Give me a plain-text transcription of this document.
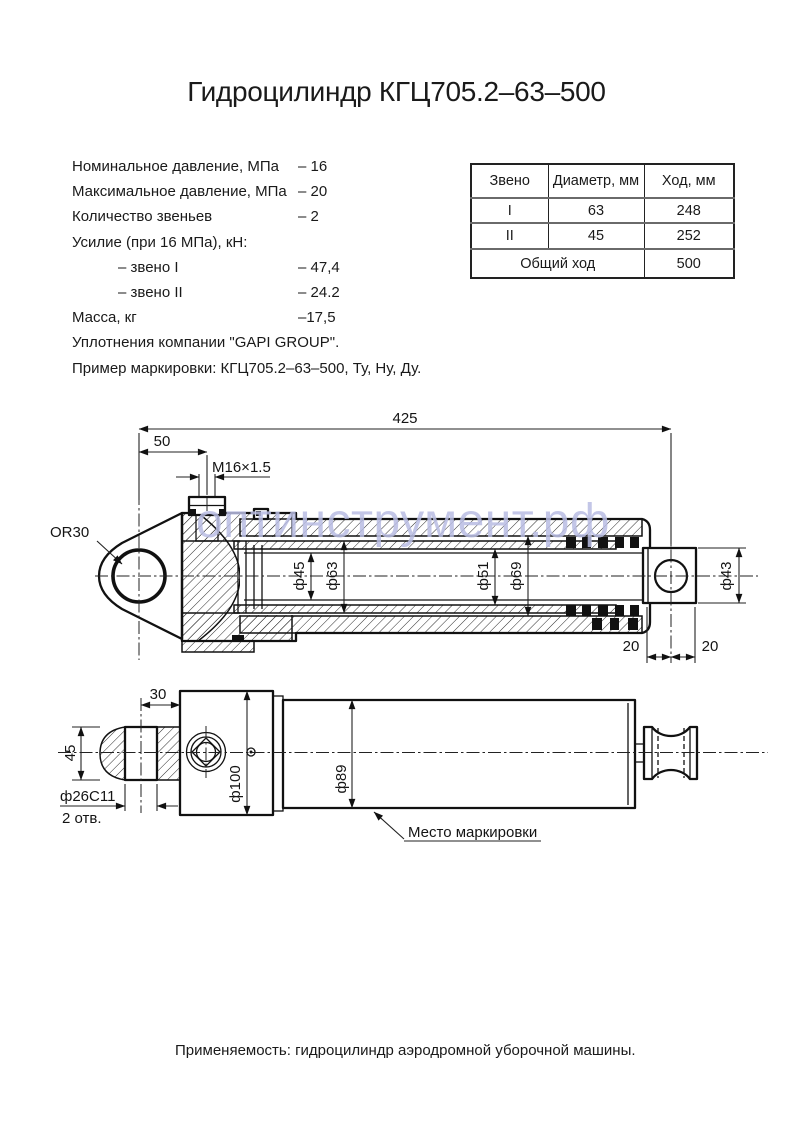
Гидроцилиндр КГЦ705.2–63–500
Номинальное давление, МПа – 16
Максимальное давление, МПа – 20
Количество звеньев	– 2
Усилие (при 16 МПа), кН:
– звено I	– 47,4
– звено II	– 24.2
Масса, кг	–17,5
Уплотнения компании "GAPI GROUP".
Пример маркировки: КГЦ705.2–63–500, Ту, Ну, Ду.
Звено	Диаметр, мм	Ход, мм
I	63	248
II	45	252
Общий ход		500
425
50
M16×1.5
OR30
ф45 ф63	ф51 ф69	ф43
20	20
30
45
ф26С11
2 отв.
ф100	ф89
Место маркировки
оптинструмент.рф
Применяемость: гидроцилиндр аэродромной уборочной машины.
